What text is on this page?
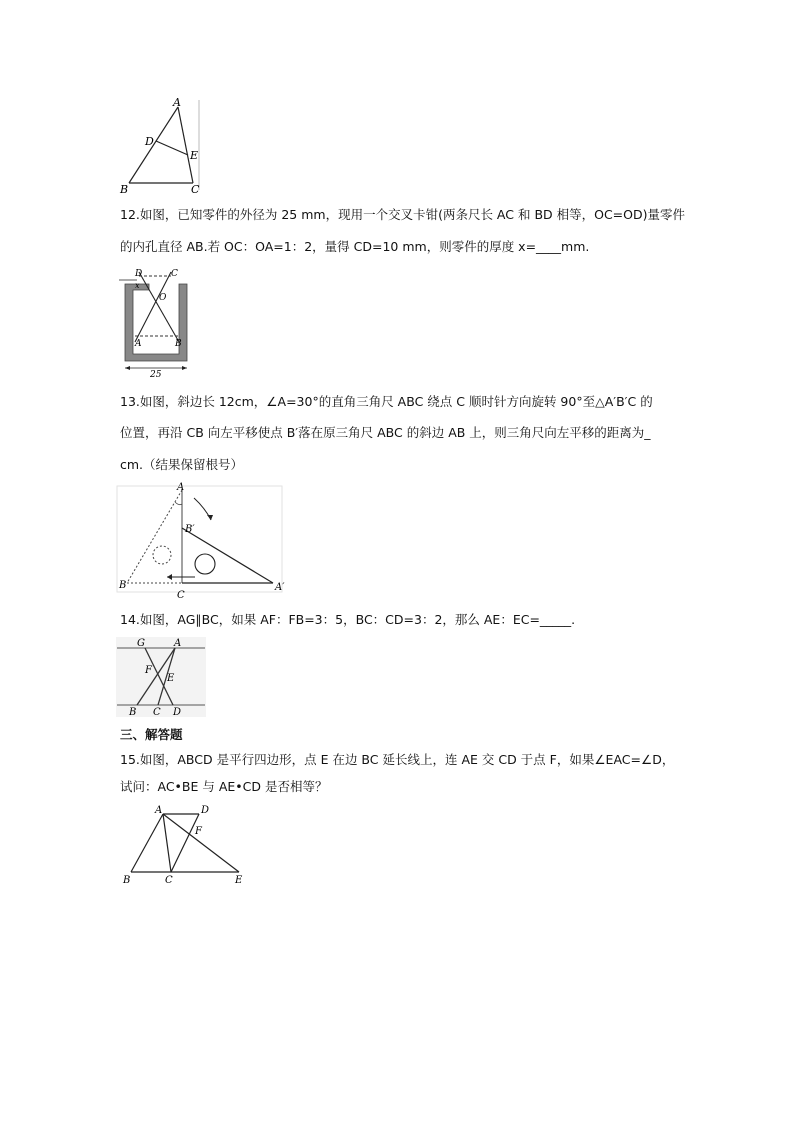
A
D
E
B	C
12.如图，已知零件的外径为 25 mm，现用一个交叉卡钳(两条尺长 AC 和 BD 相等，OC=OD)量零件
的内孔直径 AB.若 OC：OA=1：2，量得 CD=10 mm，则零件的厚度 x=____mm.
D	C
O
x
A	B
25
13.如图，斜边长 12cm，∠A=30°的直角三角尺 ABC 绕点 C 顺时针方向旋转 90°至△A′B′C 的
位置，再沿 CB 向左平移使点 B′落在原三角尺 ABC 的斜边 AB 上，则三角尺向左平移的距离为_
cm.（结果保留根号）
A
B′
B
C
A′
14.如图，AG∥BC，如果 AF：FB=3：5，BC：CD=3：2，那么 AE：EC=_____.
G	A
F
E
B C D
三、解答题
15.如图，ABCD 是平行四边形，点 E 在边 BC 延长线上，连 AE 交 CD 于点 F，如果∠EAC=∠D，
试问：AC•BE 与 AE•CD 是否相等？
A	D
F
B	C	E
